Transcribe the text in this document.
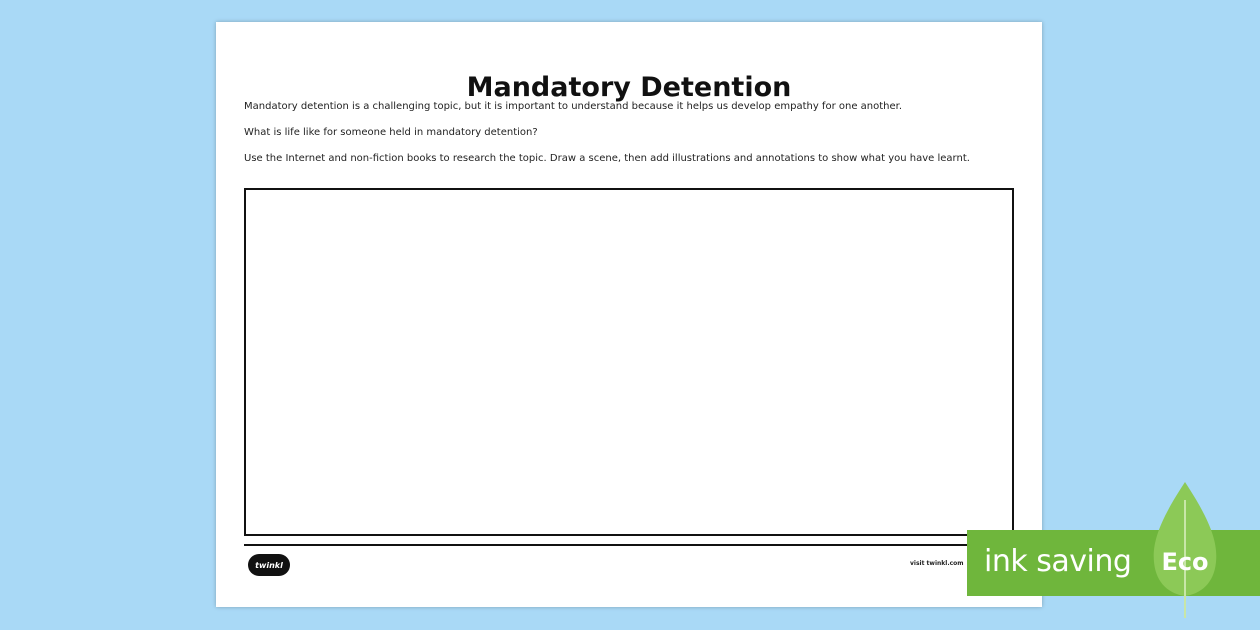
Mandatory Detention

Mandatory detention is a challenging topic, but it is important to understand because it helps us develop empathy for one another.

What is life like for someone held in mandatory detention?

Use the Internet and non-fiction books to research the topic. Draw a scene, then add illustrations and annotations to show what you have learnt.

twinkl	visit twinkl.com ink saving Eco
